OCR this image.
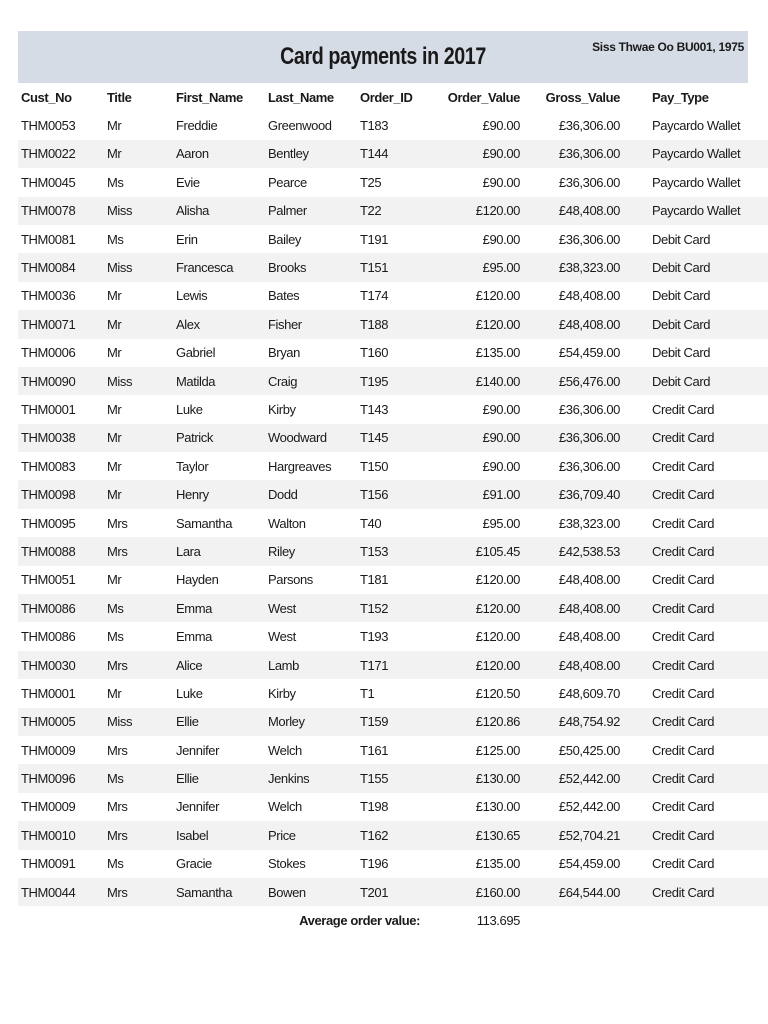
Card payments in 2017	Siss Thwae Oo BU001, 1975
Cust_No	Title	First_Name	Last_Name	Order_ID	Order_Value	Gross_Value	Pay_Type
THM0053	Mr	Freddie	Greenwood	T183	£90.00	£36,306.00	Paycardo Wallet
THM0022	Mr	Aaron	Bentley	T144	£90.00	£36,306.00	Paycardo Wallet
THM0045	Ms	Evie	Pearce	T25	£90.00	£36,306.00	Paycardo Wallet
THM0078	Miss	Alisha	Palmer	T22	£120.00	£48,408.00	Paycardo Wallet
THM0081	Ms	Erin	Bailey	T191	£90.00	£36,306.00	Debit Card
THM0084	Miss	Francesca	Brooks	T151	£95.00	£38,323.00	Debit Card
THM0036	Mr	Lewis	Bates	T174	£120.00	£48,408.00	Debit Card
THM0071	Mr	Alex	Fisher	T188	£120.00	£48,408.00	Debit Card
THM0006	Mr	Gabriel	Bryan	T160	£135.00	£54,459.00	Debit Card
THM0090	Miss	Matilda	Craig	T195	£140.00	£56,476.00	Debit Card
THM0001	Mr	Luke	Kirby	T143	£90.00	£36,306.00	Credit Card
THM0038	Mr	Patrick	Woodward	T145	£90.00	£36,306.00	Credit Card
THM0083	Mr	Taylor	Hargreaves	T150	£90.00	£36,306.00	Credit Card
THM0098	Mr	Henry	Dodd	T156	£91.00	£36,709.40	Credit Card
THM0095	Mrs	Samantha	Walton	T40	£95.00	£38,323.00	Credit Card
THM0088	Mrs	Lara	Riley	T153	£105.45	£42,538.53	Credit Card
THM0051	Mr	Hayden	Parsons	T181	£120.00	£48,408.00	Credit Card
THM0086	Ms	Emma	West	T152	£120.00	£48,408.00	Credit Card
THM0086	Ms	Emma	West	T193	£120.00	£48,408.00	Credit Card
THM0030	Mrs	Alice	Lamb	T171	£120.00	£48,408.00	Credit Card
THM0001	Mr	Luke	Kirby	T1	£120.50	£48,609.70	Credit Card
THM0005	Miss	Ellie	Morley	T159	£120.86	£48,754.92	Credit Card
THM0009	Mrs	Jennifer	Welch	T161	£125.00	£50,425.00	Credit Card
THM0096	Ms	Ellie	Jenkins	T155	£130.00	£52,442.00	Credit Card
THM0009	Mrs	Jennifer	Welch	T198	£130.00	£52,442.00	Credit Card
THM0010	Mrs	Isabel	Price	T162	£130.65	£52,704.21	Credit Card
THM0091	Ms	Gracie	Stokes	T196	£135.00	£54,459.00	Credit Card
THM0044	Mrs	Samantha	Bowen	T201	£160.00	£64,544.00	Credit Card
Average order value:					113.695		
